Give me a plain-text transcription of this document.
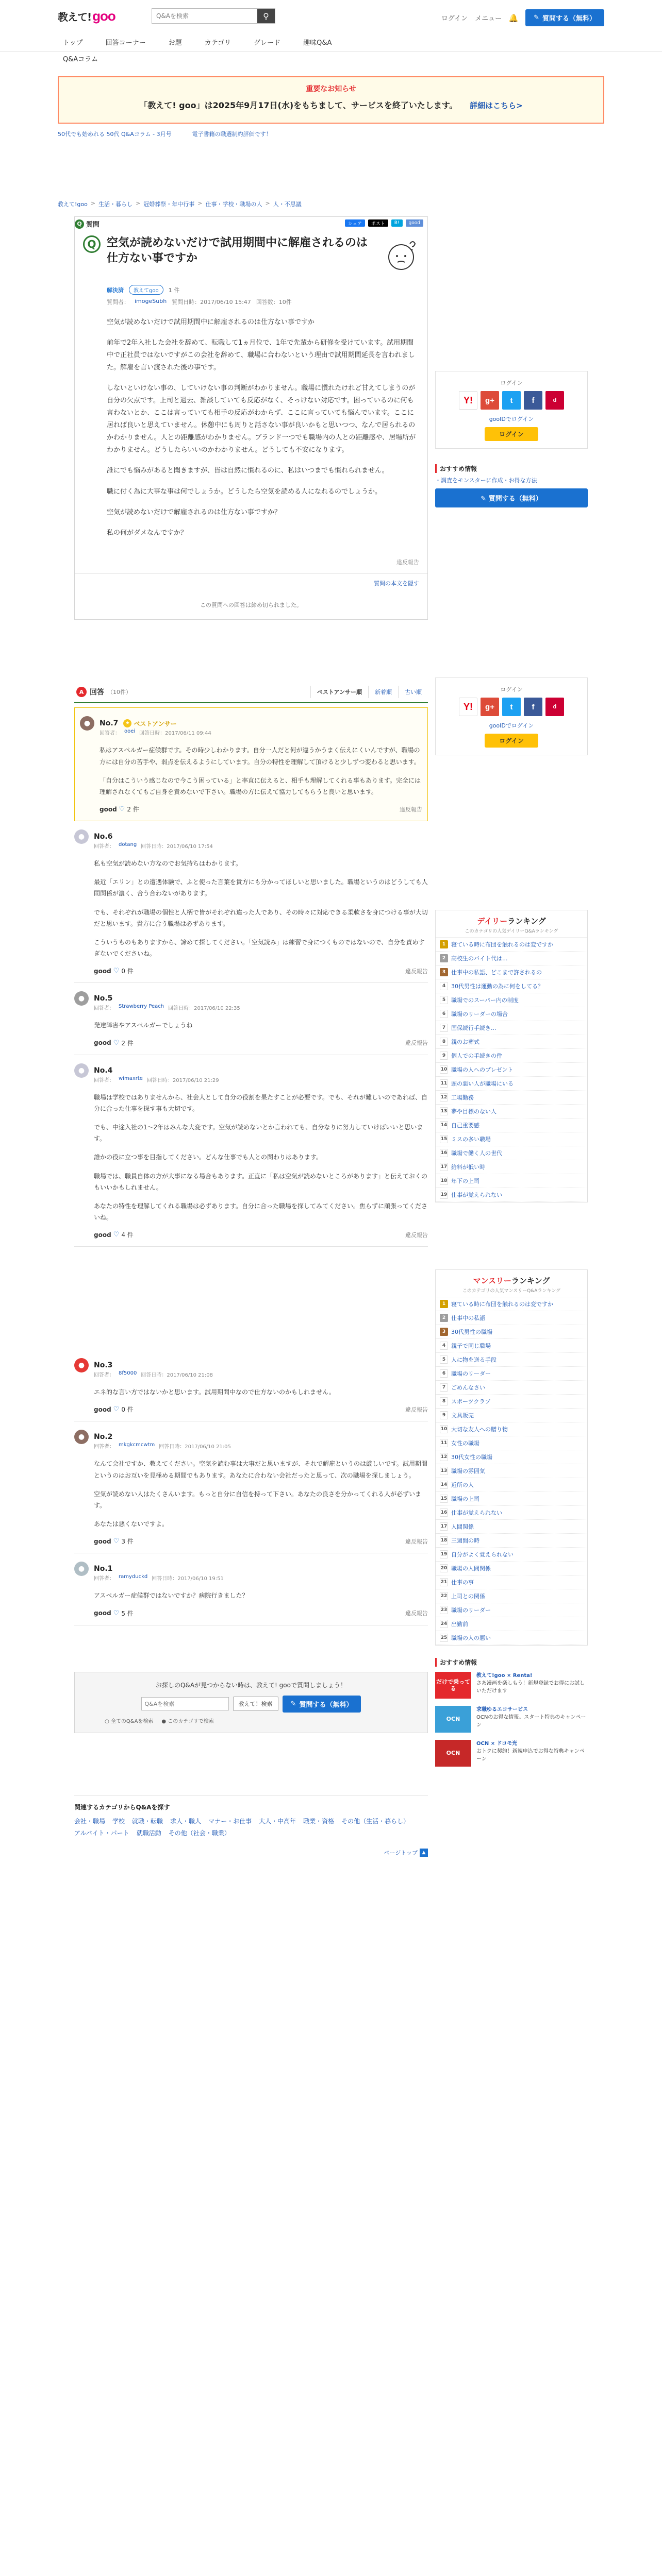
教えて! goo
Q&Aを検索	⚲	ログイン メニュー 🔔 ✎ 質問する（無料）
トップ	回答コーナー	お題	カテゴリ	グレード	趣味Q&A
Q&Aコラム
重要なお知らせ
「教えて! goo」は2025年9月17日(水)をもちまして、サービスを終了いたします。 詳細はこちら>
50代でも始めれる 50代 Q&Aコラム - 3月号	電子書籍の職選制約評価です！
教えて!goo > 生活・暮らし > 冠婚葬祭・年中行事 > 仕事・学校・職場の人 > 人・不思議
Q 質問	シェア ポスト B! good
Q 空気が読めないだけで試用期間中に解雇されるのは仕方ない事ですか
解決済	教えてgoo	1 件
質問者： imogeSubh 質問日時：2017/06/10 15:47 回答数：10件

空気が読めないだけで試用期間中に解雇されるのは仕方ない事ですか

前年で2年入社した会社を辞めて、転職して1ヵ月位で、1年で先輩から研修を受けています。試用期間中で正社員ではないですがこの会社を辞めて、職場に合わないという理由で試用期間延長を言われました。解雇を言い渡された後の事です。

しないといけない事の、していけない事の判断がわかりません。職場に慣れたけれど甘えてしまうのが自分の欠点です。上司と過去、雑談していても反応がなく、そっけない対応です。困っているのに何も言わないとか、ここは言っていても相手の反応がわからず、ここに言っていても悩んでいます。ここに居れば良いと思えていません。休憩中にも周りと話さない事が良いかもと思いつつ、なんで居られるのかわかりません。人との距離感がわかりません。ブランド一つでも職場内の人との距離感や、居場所がわかりません。どうしたらいいのかわかりません。どうしても不安になります。

誰にでも悩みがあると聞きますが、皆は自然に慣れるのに、私はいつまでも慣れられません。

職に付く為に大事な事は何でしょうか。どうしたら空気を読める人になれるのでしょうか。

空気が読めないだけで解雇されるのは仕方ない事ですか？

私の何がダメなんですか？

違反報告
質問の本文を隠す
この質問への回答は締め切られました。
A 回答 （10件）	ベストアンサー順	新着順	古い順
●	No.7	★ ベストアンサー
回答者： ooei 回答日時：2017/06/11 09:44

私はアスペルガー症候群です。その時少しわかります。自分一人だと何が違うかうまく伝えにくいんですが、職場の方には自分の苦手や、弱点を伝えるようにしています。自分の特性を理解して頂けると少しずつ変わると思います。

「自分はこういう感じなので今こう困っている」と率直に伝えると、相手も理解してくれる事もあります。完全には理解されなくてもご自身を責めないで下さい。職場の方に伝えて協力してもらうと良いと思います。

good ♡ 2 件	違反報告
●	No.6
回答者： dotang 回答日時：2017/06/10 17:54

私も空気が読めない方なのでお気持ちはわかります。

最近「エリン」との遭遇体験で、ふと使った言葉を貴方にも分かってほしいと思いました。職場というのはどうしても人間関係が濃く、合う合わないがあります。

でも、それぞれが職場の個性と人柄で皆がそれぞれ違った人であり、その時々に対応できる柔軟さを身につける事が大切だと思います。貴方に合う職場は必ずあります。

こういうものもありますから、諦めて探してください。「空気読み」は練習で身につくものではないので、自分を責めすぎないでくださいね。

good ♡ 0 件	違反報告
●	No.5
回答者： Strawberry Peach 回答日時：2017/06/10 22:35

発達障害やアスペルガーでしょうね

good ♡ 2 件	違反報告
●	No.4
回答者： wimaxrte 回答日時：2017/06/10 21:29

職場は学校ではありませんから、社会人として自分の役割を果たすことが必要です。でも、それが難しいのであれば、自分に合った仕事を探す事も大切です。

でも、中途入社の1〜2年はみんな大変です。空気が読めないとか言われても、自分なりに努力していけばいいと思います。

誰かの役に立つ事を目指してください。どんな仕事でも人との関わりはあります。

職場では、職員自体の方が大事になる場合もあります。正直に「私は空気が読めないところがあります」と伝えておくのもいいかもしれません。

あなたの特性を理解してくれる職場は必ずあります。自分に合った職場を探してみてください。焦らずに頑張ってくださいね。

good ♡ 4 件	違反報告
●	No.3
回答者： 8f5000 回答日時：2017/06/10 21:08

エネ的な言い方ではないかと思います。試用期間中なので仕方ないのかもしれません。

good ♡ 0 件	違反報告
●	No.2
回答者： mkgkcmcwtm 回答日時：2017/06/10 21:05

なんて会社ですか、教えてください。空気を読む事は大事だと思いますが、それで解雇というのは厳しいです。試用期間というのはお互いを見極める期間でもあります。あなたに合わない会社だったと思って、次の職場を探しましょう。

空気が読めない人はたくさんいます。もっと自分に自信を持って下さい。あなたの良さを分かってくれる人が必ずいます。

あなたは悪くないですよ。

good ♡ 3 件	違反報告
●	No.1
回答者： ramyduckd 回答日時：2017/06/10 19:51

アスペルガー症候群ではないですか？病院行きました？

good ♡ 5 件	違反報告
お探しのQ&Aが見つからない時は、教えて! gooで質問しましょう！
Q&Aを検索
教えて！検索	✎ 質問する（無料）
○ 全てのQ&Aを検索 ● このカテゴリで検索
関連するカテゴリからQ&Aを探す
会社・職場 学校 就職・転職 求人・職人 マナー・お仕事 大人・中高年 職業・資格 その他（生活・暮らし）
アルバイト・パート 就職活動 その他（社会・職業）
ページトップ ▲
ログイン
Y!	g+	t	f	d
gooIDでログイン
ログイン
おすすめ情報
・調査をモンスターに作成・お得な方法
✎ 質問する（無料）
ログイン
Y!	g+	t	f	d
gooIDでログイン
ログイン
デイリーランキング
このカテゴリの人気デイリーQ&Aランキング
1 寝ている時に布団を触れるのは変ですか
2 高校生のバイト代は...
3 仕事中の私語、どこまで許されるの
4 30代男性は運動の為に何をしてる？
5 職場でのスーパー内の制度
6 職場のリーダーの場合
7 国保続行手続き...
8 親のお葬式
9 個人での手続きの件
10 職場の人へのプレゼント
11 頭の悪い人が職場にいる
12 工場勤務
13 夢や目標のない人
14 自己重要感
15 ミスの多い職場
16 職場で働く人の世代
17 給料が低い時
18 年下の上司
19 仕事が覚えられない
マンスリーランキング
このカテゴリの人気マンスリーQ&Aランキング
1 寝ている時に布団を触れるのは変ですか
2 仕事中の私語
3 30代男性の職場
4 親子で同じ職場
5 人に物を送る手段
6 職場のリーダー
7 ごめんなさい
8 スポーツクラブ
9 文具販売
10 大切な友人への贈り物
11 女性の職場
12 30代女性の職場
13 職場の雰囲気
14 近所の人
15 職場の上司
16 仕事が覚えられない
17 人間関係
18 三週間の時
19 自分がよく覚えられない
20 職場の人間関係
21 仕事の事
22 上司との関係
23 職場のリーダー
24 出勤前
25 職場の人の悪い
おすすめ情報
だけで乗ってる
教えて!goo × Renta!
さあ漫画を楽しもう！新規登録でお得にお試しいただけます
OCN
求職ゆるエコサービス
OCNのお得な情報。スタート特典のキャンペーン
OCN
OCN × ドコモ光
おトクに契約！新規申込でお得な特典キャンペーン
